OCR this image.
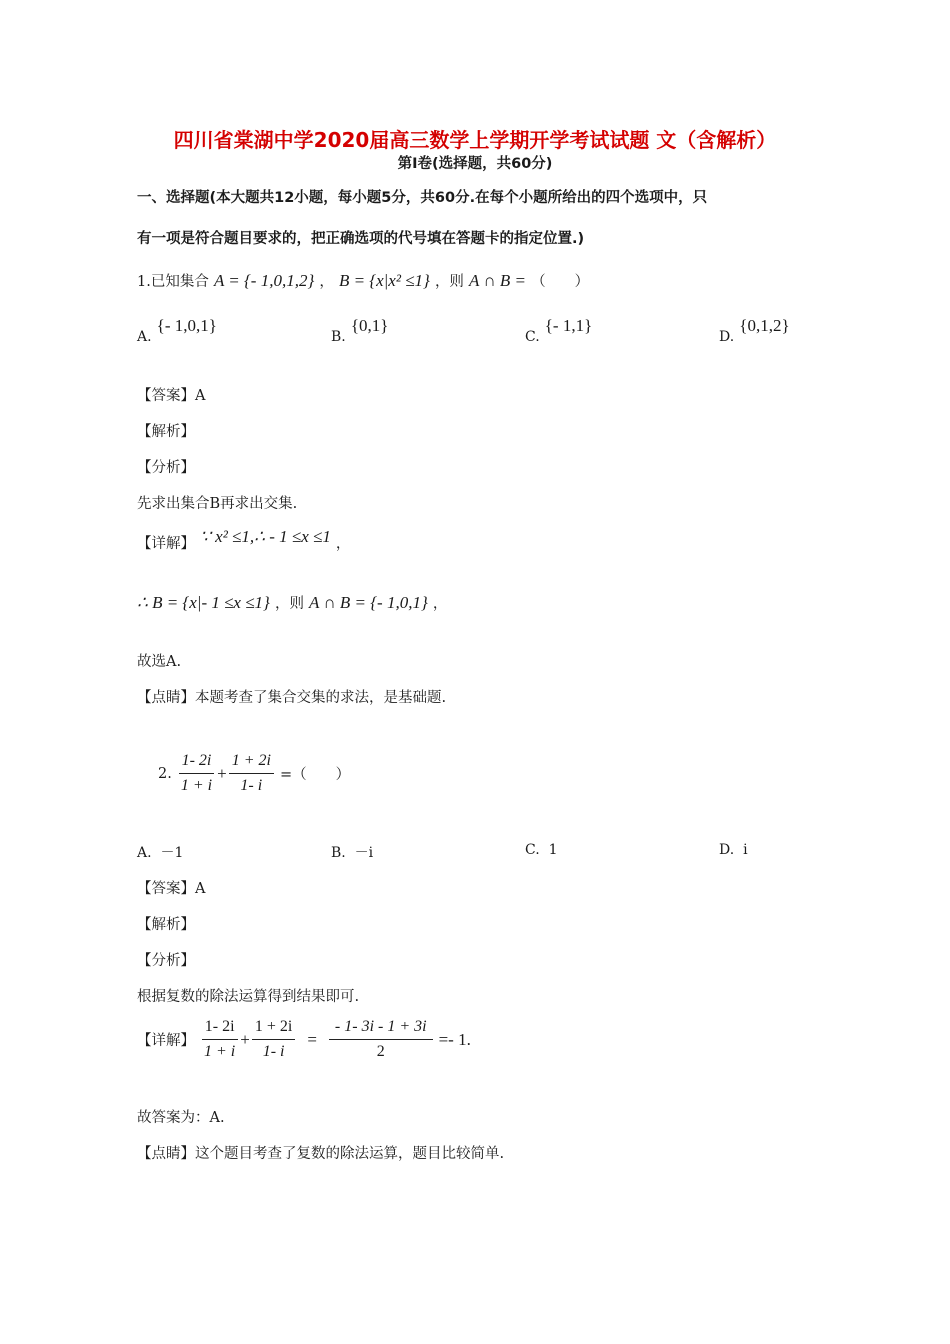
四川省棠湖中学2020届高三数学上学期开学考试试题 文（含解析）
第Ⅰ卷(选择题，共60分)
一、选择题(本大题共12小题，每小题5分，共60分.在每个小题所给出的四个选项中，只
有一项是符合题目要求的，把正确选项的代号填在答题卡的指定位置.)
1.已知集合 A = {- 1,0,1,2} ， B = {x|x² ≤1} ，则 A ∩ B = （　　）
A. {- 1,0,1}
B. {0,1}
C. {- 1,1}
D. {0,1,2}
【答案】A
【解析】
【分析】
先求出集合B再求出交集.
【详解】 ∵ x² ≤1,∴ - 1 ≤x ≤1 ，
∴ B = {x|- 1 ≤x ≤1} ，则 A ∩ B = {- 1,0,1} ，
故选A.
【点睛】本题考查了集合交集的求法，是基础题.
2. $\frac{1- 2i}{1 + i} + \frac{1 + 2i}{1- i}$ =（　　）
A. －1	B. －i	C. 1	D. i
【答案】A
【解析】
【分析】
根据复数的除法运算得到结果即可.
【详解】 $\frac{1- 2i}{1 + i} + \frac{1 + 2i}{1- i} = \frac{- 1- 3i - 1 + 3i}{2} =- 1$.
故答案为：A.
【点睛】这个题目考查了复数的除法运算，题目比较简单.
